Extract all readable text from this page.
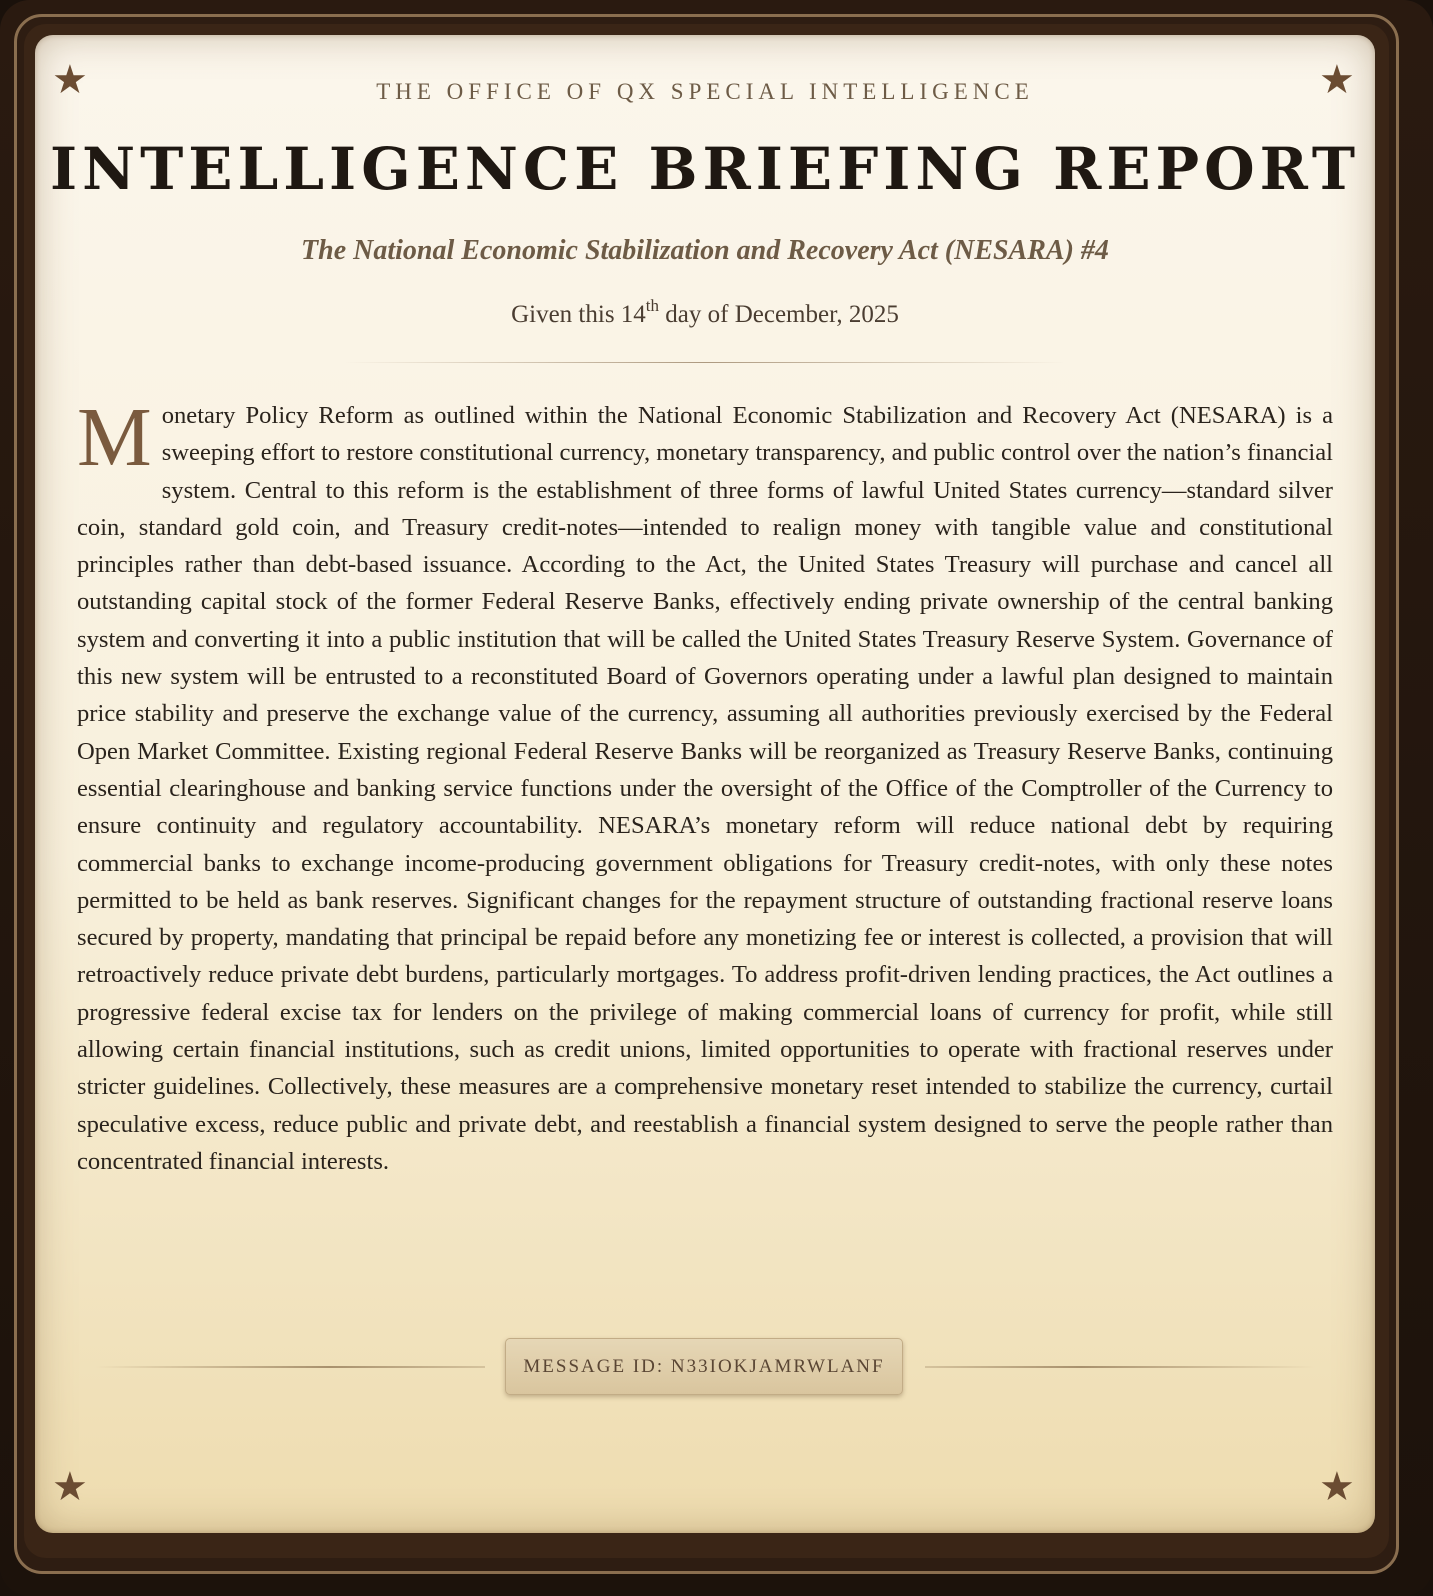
★	★
★	★
THE OFFICE OF QX SPECIAL INTELLIGENCE
INTELLIGENCE BRIEFING REPORT
The National Economic Stabilization and Recovery Act (NESARA) #4
Given this 14th day of December, 2025
Monetary Policy Reform as outlined within the National Economic Stabilization and Recovery Act (NESARA) is a sweeping effort to restore constitutional currency, monetary transparency, and public control over the nation’s financial system. Central to this reform is the establishment of three forms of lawful United States currency—standard silver coin, standard gold coin, and Treasury credit-notes—intended to realign money with tangible value and constitutional principles rather than debt-based issuance. According to the Act, the United States Treasury will purchase and cancel all outstanding capital stock of the former Federal Reserve Banks, effectively ending private ownership of the central banking system and converting it into a public institution that will be called the United States Treasury Reserve System. Governance of this new system will be entrusted to a reconstituted Board of Governors operating under a lawful plan designed to maintain price stability and preserve the exchange value of the currency, assuming all authorities previously exercised by the Federal Open Market Committee. Existing regional Federal Reserve Banks will be reorganized as Treasury Reserve Banks, continuing essential clearinghouse and banking service functions under the oversight of the Office of the Comptroller of the Currency to ensure continuity and regulatory accountability. NESARA’s monetary reform will reduce national debt by requiring commercial banks to exchange income-producing government obligations for Treasury credit-notes, with only these notes permitted to be held as bank reserves. Significant changes for the repayment structure of outstanding fractional reserve loans secured by property, mandating that principal be repaid before any monetizing fee or interest is collected, a provision that will retroactively reduce private debt burdens, particularly mortgages. To address profit-driven lending practices, the Act outlines a progressive federal excise tax for lenders on the privilege of making commercial loans of currency for profit, while still allowing certain financial institutions, such as credit unions, limited opportunities to operate with fractional reserves under stricter guidelines. Collectively, these measures are a comprehensive monetary reset intended to stabilize the currency, curtail speculative excess, reduce public and private debt, and reestablish a financial system designed to serve the people rather than concentrated financial interests.
MESSAGE ID: N33IOKJAMRWLANF
